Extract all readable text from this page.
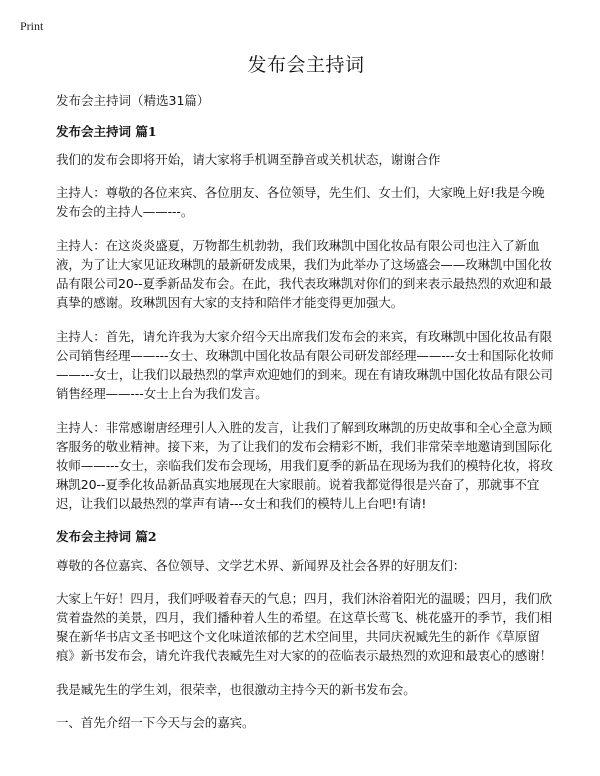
Print
发布会主持词
发布会主持词（精选31篇）
发布会主持词 篇1

我们的发布会即将开始，请大家将手机调至静音或关机状态，谢谢合作

主持人：尊敬的各位来宾、各位朋友、各位领导，先生们、女士们，大家晚上好!我是今晚发布会的主持人——---。

主持人：在这炎炎盛夏，万物都生机勃勃，我们玫琳凯中国化妆品有限公司也注入了新血液，为了让大家见证玫琳凯的最新研发成果，我们为此举办了这场盛会——玫琳凯中国化妆品有限公司20--夏季新品发布会。在此，我代表玫琳凯对你们的到来表示最热烈的欢迎和最真挚的感谢。玫琳凯因有大家的支持和陪伴才能变得更加强大。

主持人：首先，请允许我为大家介绍今天出席我们发布会的来宾，有玫琳凯中国化妆品有限公司销售经理——---女士、玫琳凯中国化妆品有限公司研发部经理——---女士和国际化妆师——---女士，让我们以最热烈的掌声欢迎她们的到来。现在有请玫琳凯中国化妆品有限公司销售经理——---女士上台为我们发言。

主持人：非常感谢唐经理引人入胜的发言，让我们了解到玫琳凯的历史故事和全心全意为顾客服务的敬业精神。接下来，为了让我们的发布会精彩不断，我们非常荣幸地邀请到国际化妆师——---女士，亲临我们发布会现场，用我们夏季的新品在现场为我们的模特化妆，将玫琳凯20--夏季化妆品新品真实地展现在大家眼前。说着我都觉得很是兴奋了，那就事不宜迟，让我们以最热烈的掌声有请---女士和我们的模特儿上台吧!有请!

发布会主持词 篇2

尊敬的各位嘉宾、各位领导、文学艺术界、新闻界及社会各界的好朋友们：

大家上午好！四月，我们呼吸着春天的气息；四月，我们沐浴着阳光的温暖；四月，我们欣赏着盎然的美景，四月，我们播种着人生的希望。在这草长莺飞、桃花盛开的季节，我们相聚在新华书店文圣书吧这个文化味道浓郁的艺术空间里，共同庆祝臧先生的新作《草原留痕》新书发布会，请允许我代表臧先生对大家的的莅临表示最热烈的欢迎和最衷心的感谢！

我是臧先生的学生刘，很荣幸，也很激动主持今天的新书发布会。

一、首先介绍一下今天与会的嘉宾。
